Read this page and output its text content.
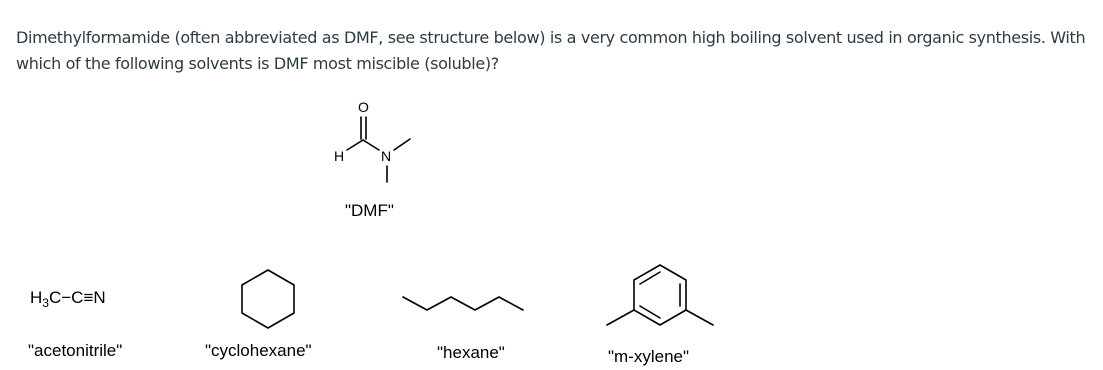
Dimethylformamide (often abbreviated as DMF, see structure below) is a very common high boiling solvent used in organic synthesis. With which of the following solvents is DMF most miscible (soluble)?

O
H	N
"DMF"
$H_3C-C\equiv N$
"acetonitrile"	"cyclohexane"	"hexane"	"m-xylene"
